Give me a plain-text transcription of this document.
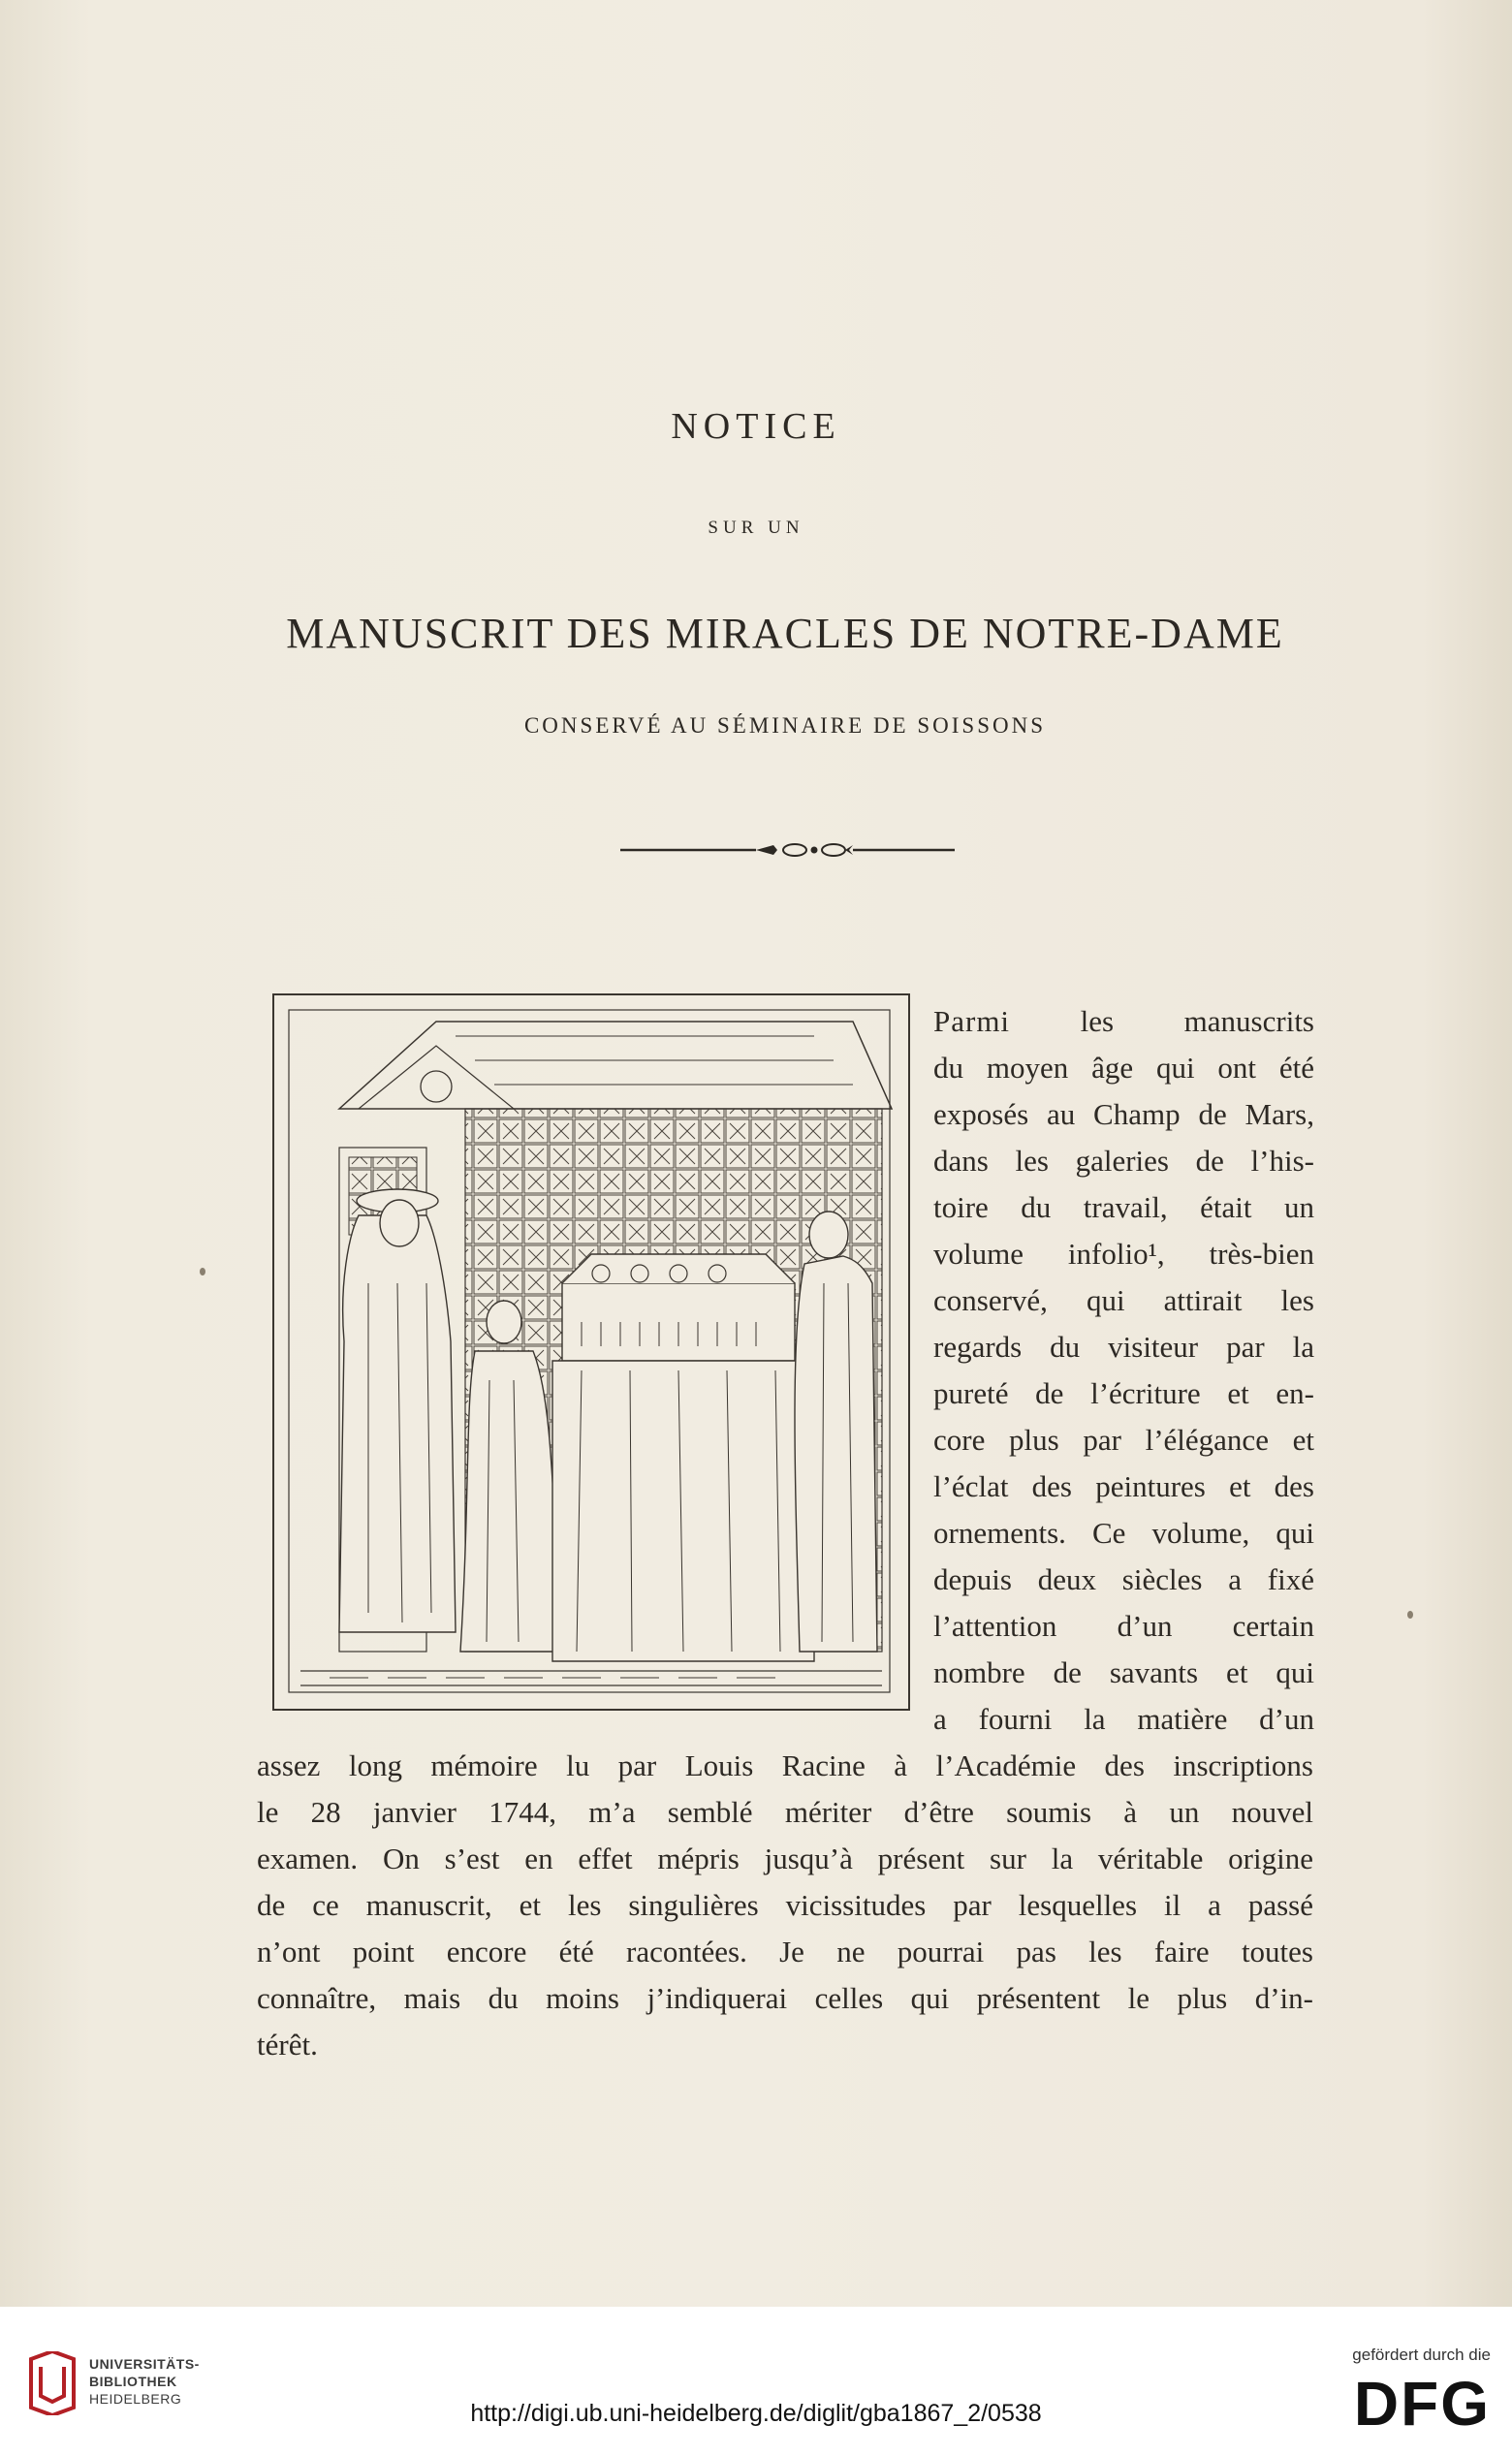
NOTICE
SUR UN
MANUSCRIT DES MIRACLES DE NOTRE-DAME
CONSERVÉ AU SÉMINAIRE DE SOISSONS
Parmi les manuscrits
du moyen âge qui ont été
exposés au Champ de Mars,
dans les galeries de l’his-
toire du travail, était un
volume infolio¹, très-bien
conservé, qui attirait les
regards du visiteur par la
pureté de l’écriture et en-
core plus par l’élégance et
l’éclat des peintures et des
ornements. Ce volume, qui
depuis deux siècles a fixé
l’attention d’un certain
nombre de savants et qui
a fourni la matière d’un
assez long mémoire lu par Louis Racine à l’Académie des inscriptions
le 28 janvier 1744, m’a semblé mériter d’être soumis à un nouvel
examen. On s’est en effet mépris jusqu’à présent sur la véritable origine
de ce manuscrit, et les singulières vicissitudes par lesquelles il a passé
n’ont point encore été racontées. Je ne pourrai pas les faire toutes
connaître, mais du moins j’indiquerai celles qui présentent le plus d’in-
térêt.
UNIVERSITÄTS-
BIBLIOTHEK
HEIDELBERG
http://digi.ub.uni-heidelberg.de/diglit/gba1867_2/0538
gefördert durch die
DFG
